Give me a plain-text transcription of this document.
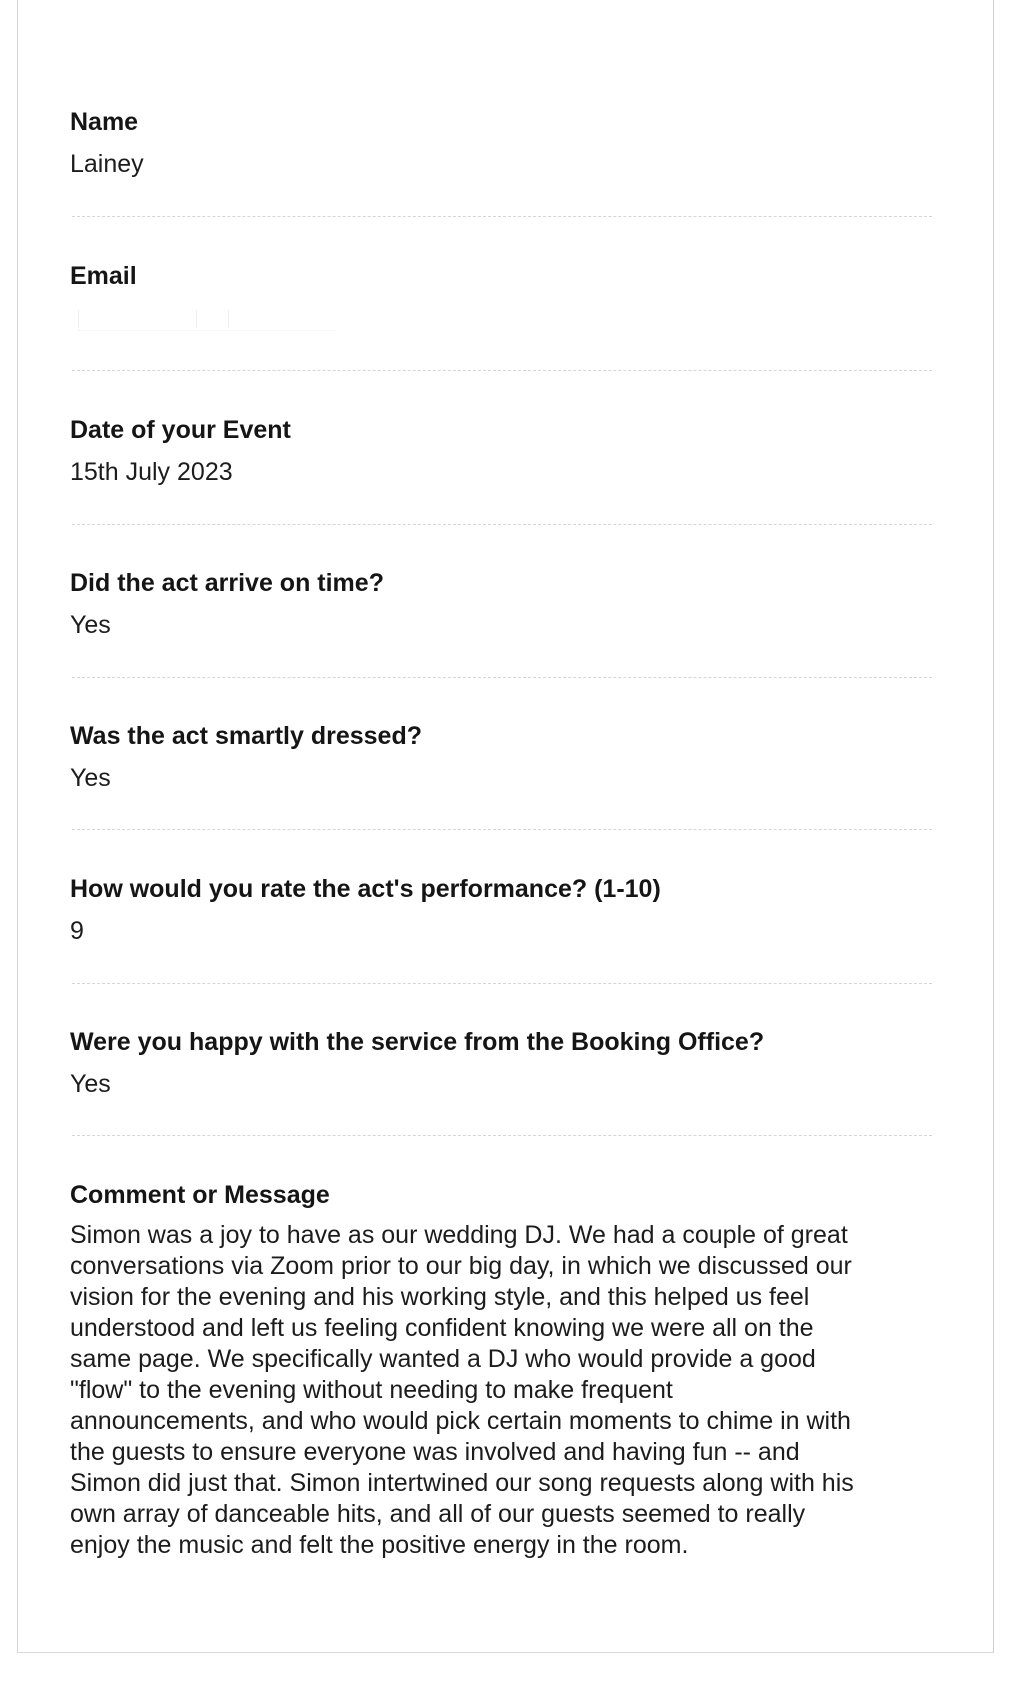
Name
Lainey
Email
Date of your Event
15th July 2023
Did the act arrive on time?
Yes
Was the act smartly dressed?
Yes
How would you rate the act's performance? (1-10)
9
Were you happy with the service from the Booking Office?
Yes
Comment or Message
Simon was a joy to have as our wedding DJ. We had a couple of great
conversations via Zoom prior to our big day, in which we discussed our
vision for the evening and his working style, and this helped us feel
understood and left us feeling confident knowing we were all on the
same page. We specifically wanted a DJ who would provide a good
"flow" to the evening without needing to make frequent
announcements, and who would pick certain moments to chime in with
the guests to ensure everyone was involved and having fun -- and
Simon did just that. Simon intertwined our song requests along with his
own array of danceable hits, and all of our guests seemed to really
enjoy the music and felt the positive energy in the room.
